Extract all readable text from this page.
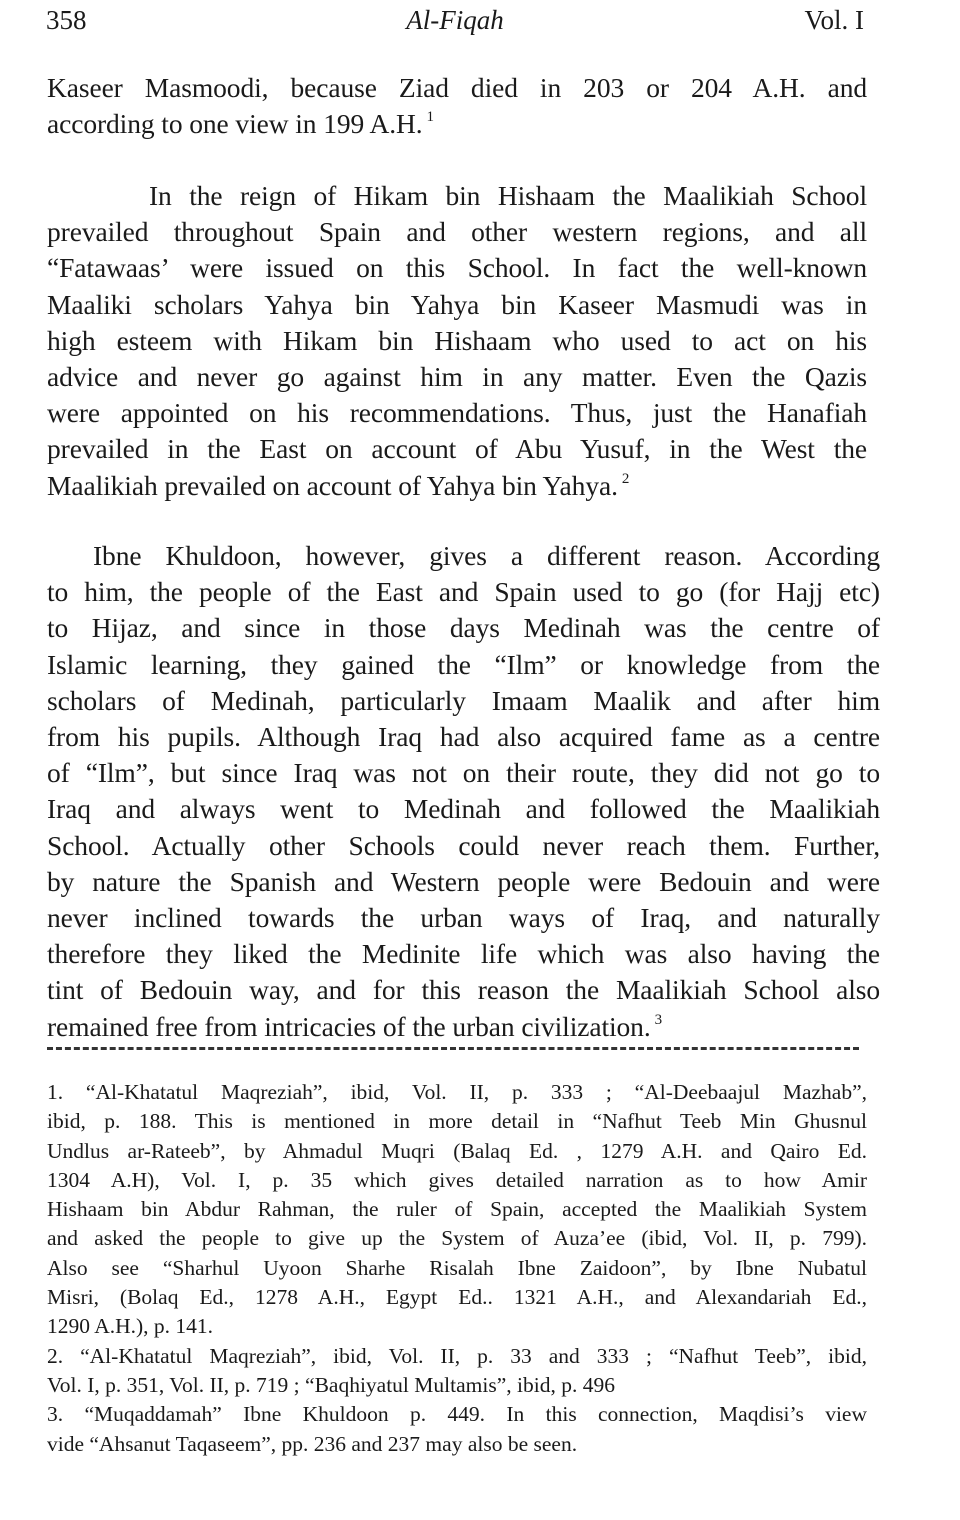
358	Al-Fiqah	Vol. I
Kaseer Masmoodi, because Ziad died in 203 or 204 A.H. and
according to one view in 199 A.H. $^1$
In the reign of Hikam bin Hishaam the Maalikiah School
prevailed throughout Spain and other western regions, and all
“Fatawaas’ were issued on this School. In fact the well-known
Maaliki scholars Yahya bin Yahya bin Kaseer Masmudi was in
high esteem with Hikam bin Hishaam who used to act on his
advice and never go against him in any matter. Even the Qazis
were appointed on his recommendations. Thus, just the Hanafiah
prevailed in the East on account of Abu Yusuf, in the West the
Maalikiah prevailed on account of Yahya bin Yahya. $^2$
Ibne Khuldoon, however, gives a different reason. According
to him, the people of the East and Spain used to go (for Hajj etc)
to Hijaz, and since in those days Medinah was the centre of
Islamic learning, they gained the “Ilm” or knowledge from the
scholars of Medinah, particularly Imaam Maalik and after him
from his pupils. Although Iraq had also acquired fame as a centre
of “Ilm”, but since Iraq was not on their route, they did not go to
Iraq and always went to Medinah and followed the Maalikiah
School. Actually other Schools could never reach them. Further,
by nature the Spanish and Western people were Bedouin and were
never inclined towards the urban ways of Iraq, and naturally
therefore they liked the Medinite life which was also having the
tint of Bedouin way, and for this reason the Maalikiah School also
remained free from intricacies of the urban civilization. $^3$
1. “Al-Khatatul Maqreziah”, ibid, Vol. II, p. 333 ; “Al-Deebaajul Mazhab”,
ibid, p. 188. This is mentioned in more detail in “Nafhut Teeb Min Ghusnul
Undlus ar-Rateeb”, by Ahmadul Muqri (Balaq Ed. , 1279 A.H. and Qairo Ed.
1304 A.H), Vol. I, p. 35 which gives detailed narration as to how Amir
Hishaam bin Abdur Rahman, the ruler of Spain, accepted the Maalikiah System
and asked the people to give up the System of Auza’ee (ibid, Vol. II, p. 799).
Also see “Sharhul Uyoon Sharhe Risalah Ibne Zaidoon”, by Ibne Nubatul
Misri, (Bolaq Ed., 1278 A.H., Egypt Ed.. 1321 A.H., and Alexandariah Ed.,
1290 A.H.), p. 141.
2. “Al-Khatatul Maqreziah”, ibid, Vol. II, p. 33 and 333 ; “Nafhut Teeb”, ibid,
Vol. I, p. 351, Vol. II, p. 719 ; “Baqhiyatul Multamis”, ibid, p. 496
3. “Muqaddamah” Ibne Khuldoon p. 449. In this connection, Maqdisi’s view
vide “Ahsanut Taqaseem”, pp. 236 and 237 may also be seen.
